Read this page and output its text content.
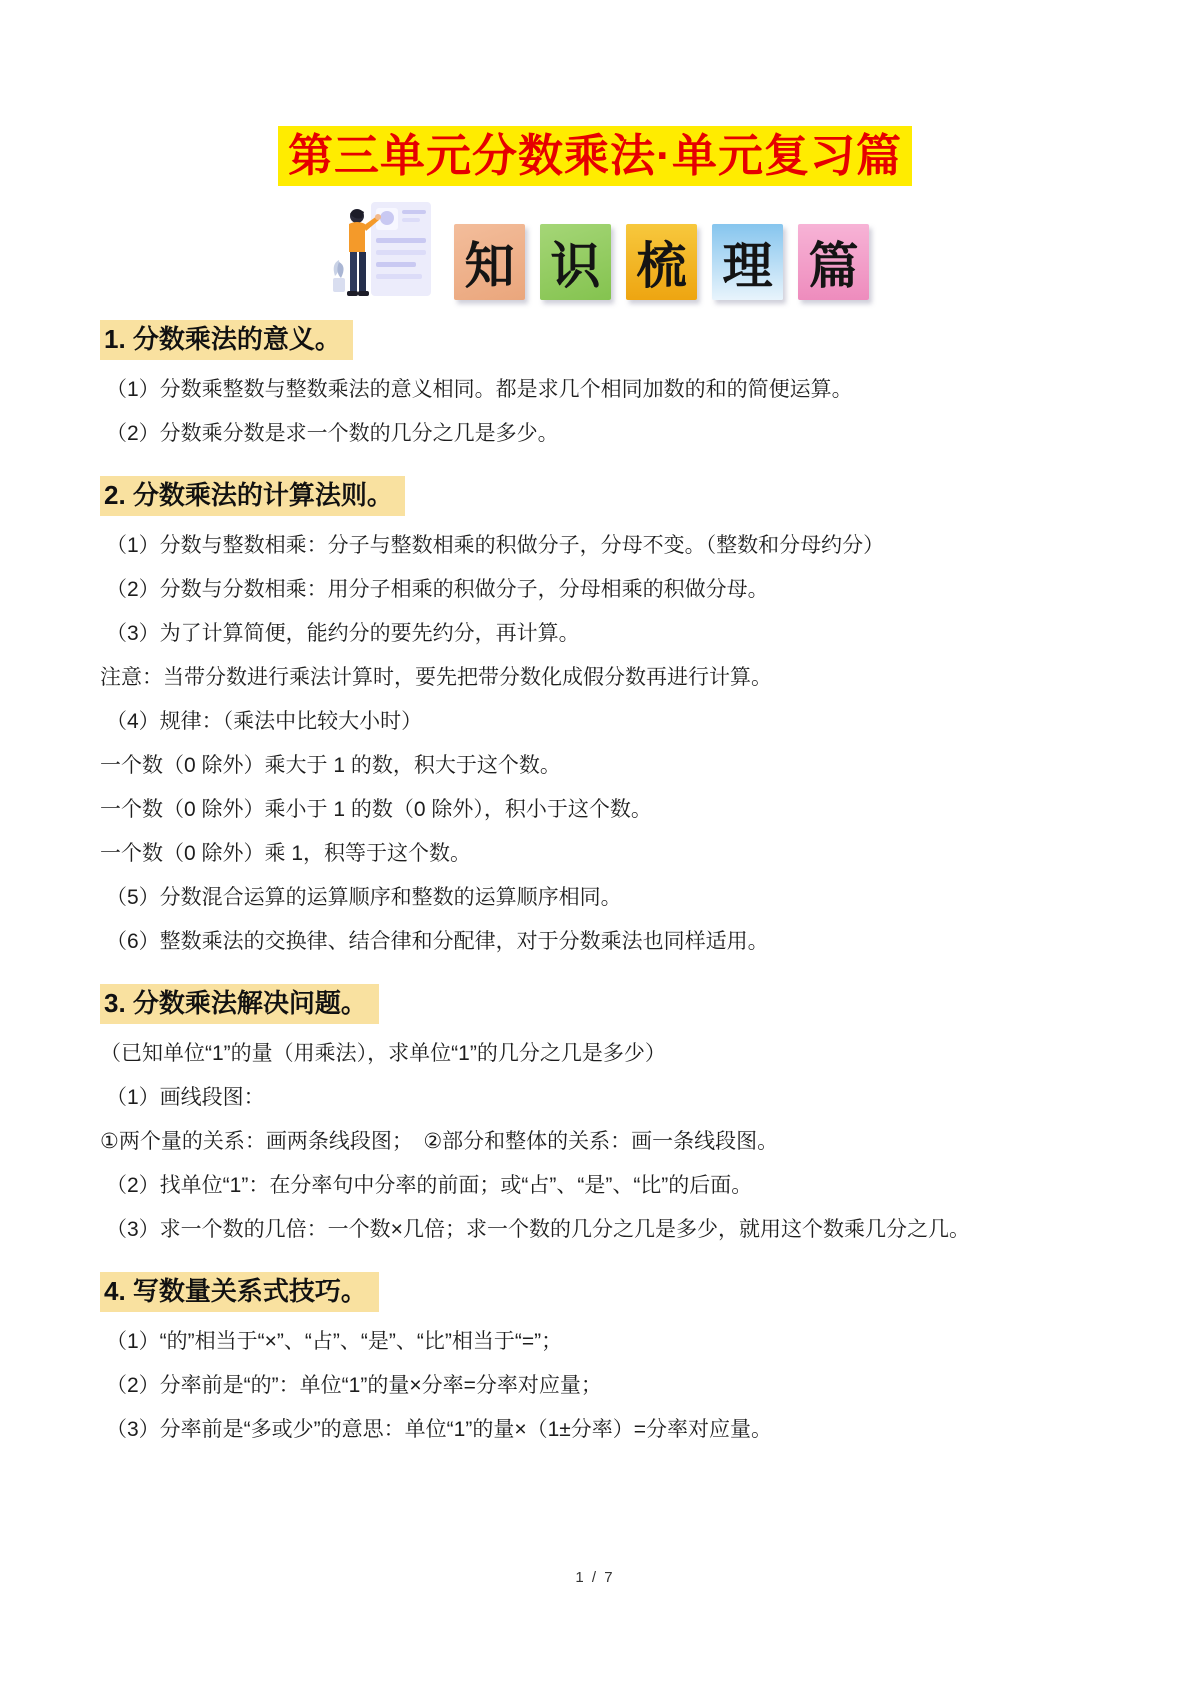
第三单元分数乘法·单元复习篇
知 识 梳 理 篇
1. 分数乘法的意义。

（1）分数乘整数与整数乘法的意义相同。都是求几个相同加数的和的简便运算。

（2）分数乘分数是求一个数的几分之几是多少。

2. 分数乘法的计算法则。

（1）分数与整数相乘：分子与整数相乘的积做分子，分母不变。（整数和分母约分）

（2）分数与分数相乘：用分子相乘的积做分子，分母相乘的积做分母。

（3）为了计算简便，能约分的要先约分，再计算。

注意：当带分数进行乘法计算时，要先把带分数化成假分数再进行计算。

（4）规律：（乘法中比较大小时）

一个数（0 除外）乘大于 1 的数，积大于这个数。

一个数（0 除外）乘小于 1 的数（0 除外），积小于这个数。

一个数（0 除外）乘 1，积等于这个数。

（5）分数混合运算的运算顺序和整数的运算顺序相同。

（6）整数乘法的交换律、结合律和分配律，对于分数乘法也同样适用。

3. 分数乘法解决问题。

（已知单位“1”的量（用乘法），求单位“1”的几分之几是多少）

（1）画线段图：

①两个量的关系：画两条线段图；　②部分和整体的关系：画一条线段图。

（2）找单位“1”：在分率句中分率的前面；或“占”、“是”、“比”的后面。

（3）求一个数的几倍：一个数×几倍；求一个数的几分之几是多少，就用这个数乘几分之几。

4. 写数量关系式技巧。

（1）“的”相当于“×”、“占”、“是”、“比”相当于“=”；

（2）分率前是“的”：单位“1”的量×分率=分率对应量；

（3）分率前是“多或少”的意思：单位“1”的量×（1±分率）=分率对应量。

1 / 7
